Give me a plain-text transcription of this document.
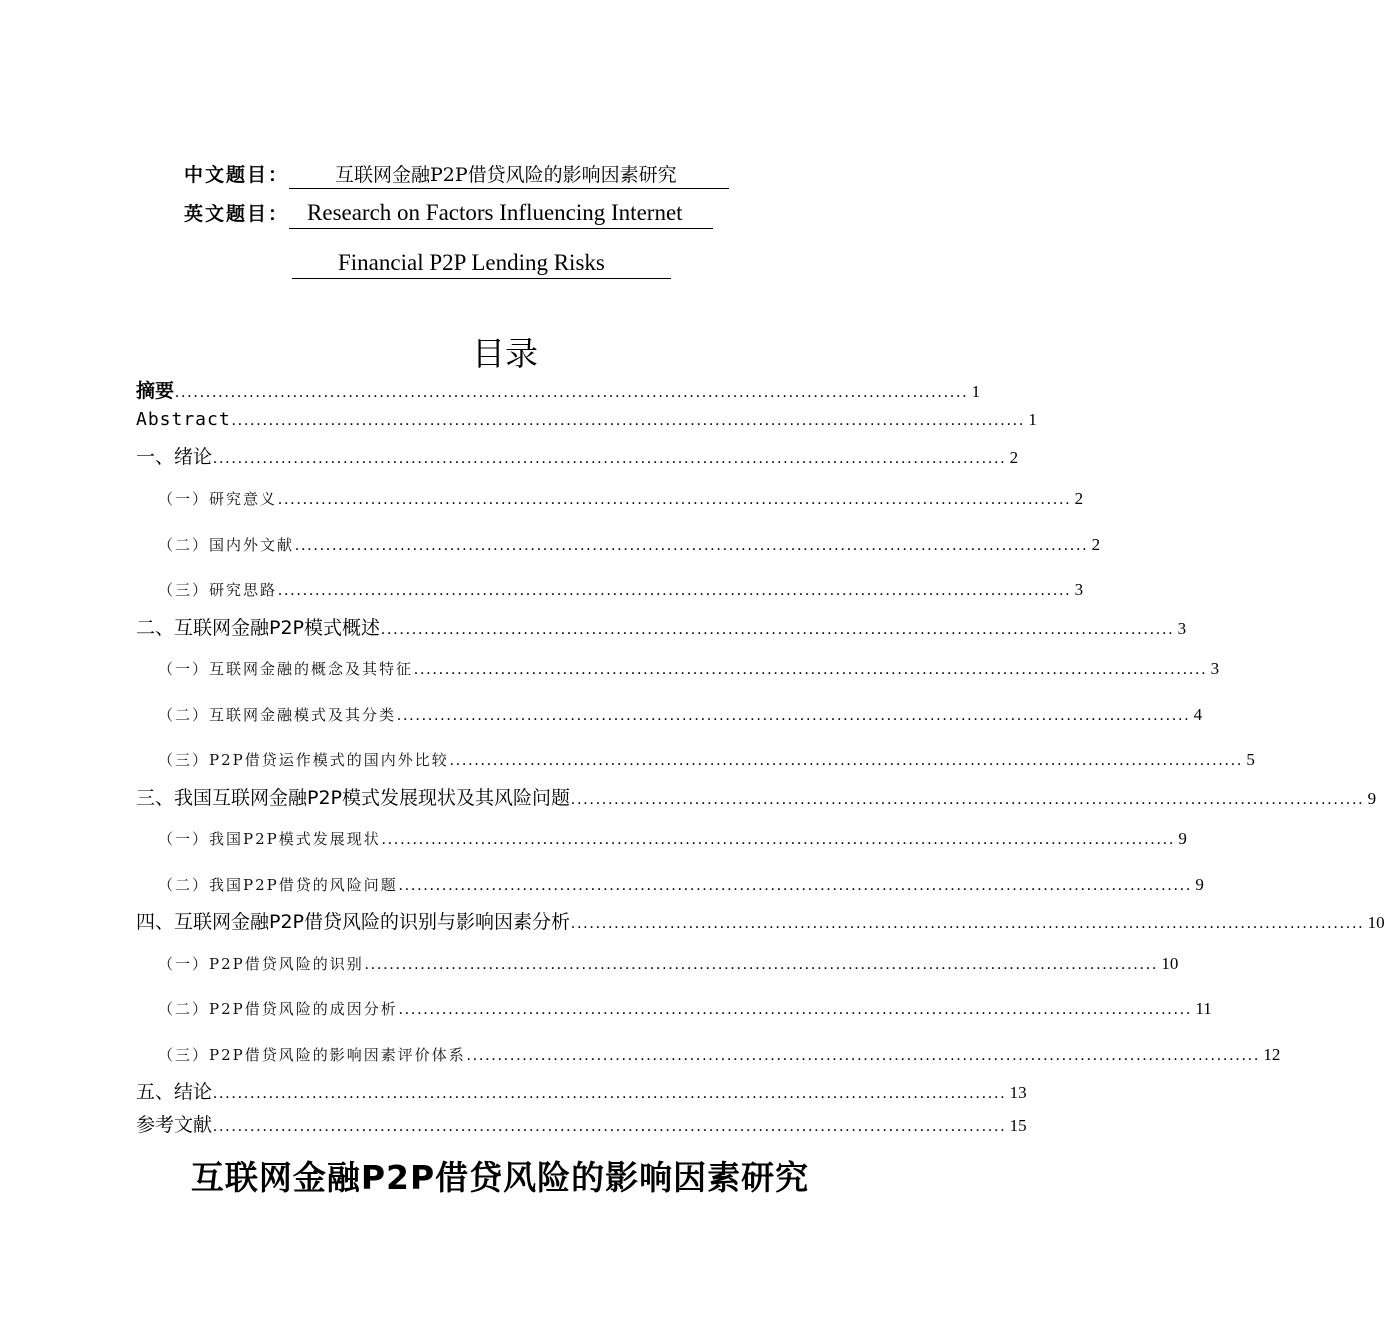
中文题目： 互联网金融P2P借贷风险的影响因素研究
英文题目： Research on Factors Influencing Internet
Financial P2P Lending Risks
目录
摘要 ................................................................................................................................ 1
Abstract ................................................................................................................................ 1
一、绪论 ................................................................................................................................ 2
（一）研究意义 ................................................................................................................................ 2
（二）国内外文献 ................................................................................................................................ 2
（三）研究思路 ................................................................................................................................ 3
二、互联网金融P2P模式概述 ................................................................................................................................ 3
（一）互联网金融的概念及其特征 ................................................................................................................................ 3
（二）互联网金融模式及其分类 ................................................................................................................................ 4
（三）P2P借贷运作模式的国内外比较 ................................................................................................................................ 5
三、我国互联网金融P2P模式发展现状及其风险问题 ................................................................................................................................ 9
（一）我国P2P模式发展现状 ................................................................................................................................ 9
（二）我国P2P借贷的风险问题 ................................................................................................................................ 9
四、互联网金融P2P借贷风险的识别与影响因素分析 ................................................................................................................................ 10
（一）P2P借贷风险的识别 ................................................................................................................................ 10
（二）P2P借贷风险的成因分析 ................................................................................................................................ 11
（三）P2P借贷风险的影响因素评价体系 ................................................................................................................................ 12
五、结论 ................................................................................................................................ 13
参考文献 ................................................................................................................................ 15
互联网金融P2P借贷风险的影响因素研究
